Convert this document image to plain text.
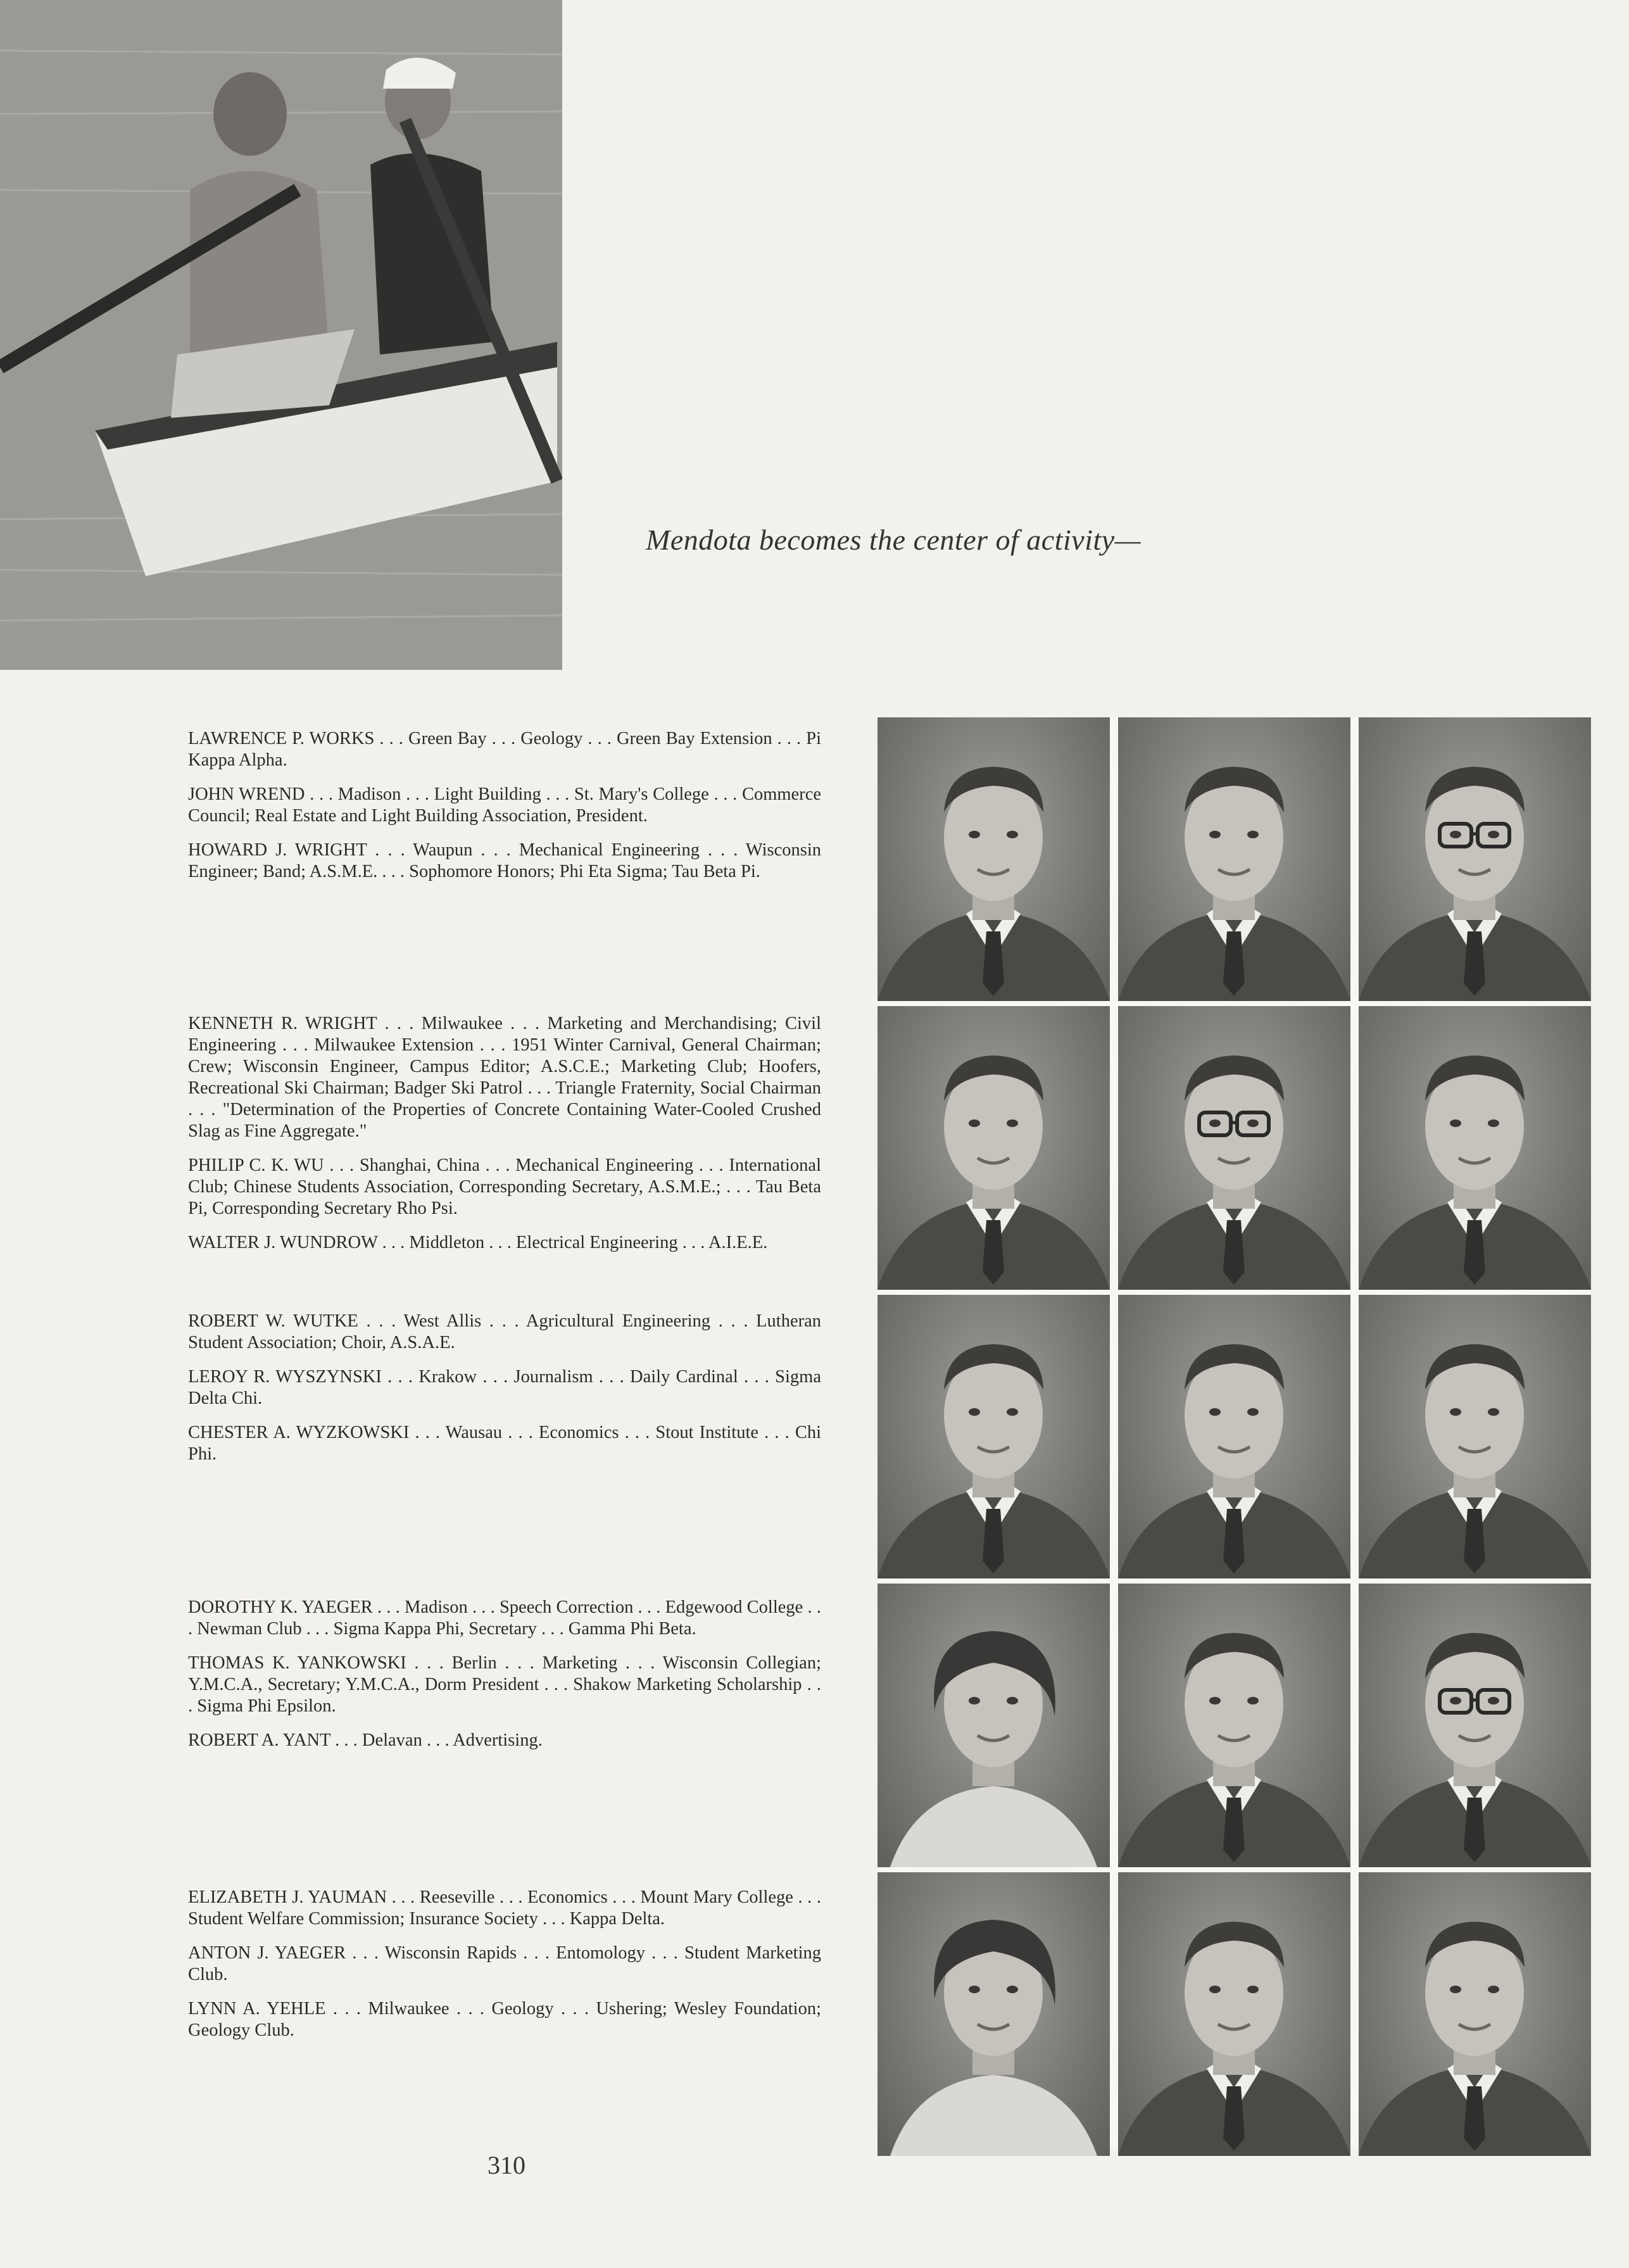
Mendota becomes the center of activity—

LAWRENCE P. WORKS . . . Green Bay . . . Geology . . . Green Bay Extension . . . Pi Kappa Alpha.

JOHN WREND . . . Madison . . . Light Building . . . St. Mary's College . . . Commerce Council; Real Estate and Light Building Association, President.

HOWARD J. WRIGHT . . . Waupun . . . Mechanical Engineering . . . Wisconsin Engineer; Band; A.S.M.E. . . . Sophomore Honors; Phi Eta Sigma; Tau Beta Pi.

KENNETH R. WRIGHT . . . Milwaukee . . . Marketing and Merchandising; Civil Engineering . . . Milwaukee Extension . . . 1951 Winter Carnival, General Chairman; Crew; Wisconsin Engineer, Campus Editor; A.S.C.E.; Marketing Club; Hoofers, Recreational Ski Chairman; Badger Ski Patrol . . . Triangle Fraternity, Social Chairman . . . "Determination of the Properties of Concrete Containing Water-Cooled Crushed Slag as Fine Aggregate."

PHILIP C. K. WU . . . Shanghai, China . . . Mechanical Engineering . . . International Club; Chinese Students Association, Corresponding Secretary, A.S.M.E.; . . . Tau Beta Pi, Corresponding Secretary Rho Psi.

WALTER J. WUNDROW . . . Middleton . . . Electrical Engineering . . . A.I.E.E.

ROBERT W. WUTKE . . . West Allis . . . Agricultural Engineering . . . Lutheran Student Association; Choir, A.S.A.E.

LEROY R. WYSZYNSKI . . . Krakow . . . Journalism . . . Daily Cardinal . . . Sigma Delta Chi.

CHESTER A. WYZKOWSKI . . . Wausau . . . Economics . . . Stout Institute . . . Chi Phi.

DOROTHY K. YAEGER . . . Madison . . . Speech Correction . . . Edgewood College . . . Newman Club . . . Sigma Kappa Phi, Secretary . . . Gamma Phi Beta.

THOMAS K. YANKOWSKI . . . Berlin . . . Marketing . . . Wisconsin Collegian; Y.M.C.A., Secretary; Y.M.C.A., Dorm President . . . Shakow Marketing Scholarship . . . Sigma Phi Epsilon.

ROBERT A. YANT . . . Delavan . . . Advertising.

ELIZABETH J. YAUMAN . . . Reeseville . . . Economics . . . Mount Mary College . . . Student Welfare Commission; Insurance Society . . . Kappa Delta.

ANTON J. YAEGER . . . Wisconsin Rapids . . . Entomology . . . Student Marketing Club.

LYNN A. YEHLE . . . Milwaukee . . . Geology . . . Ushering; Wesley Foundation; Geology Club.

310
